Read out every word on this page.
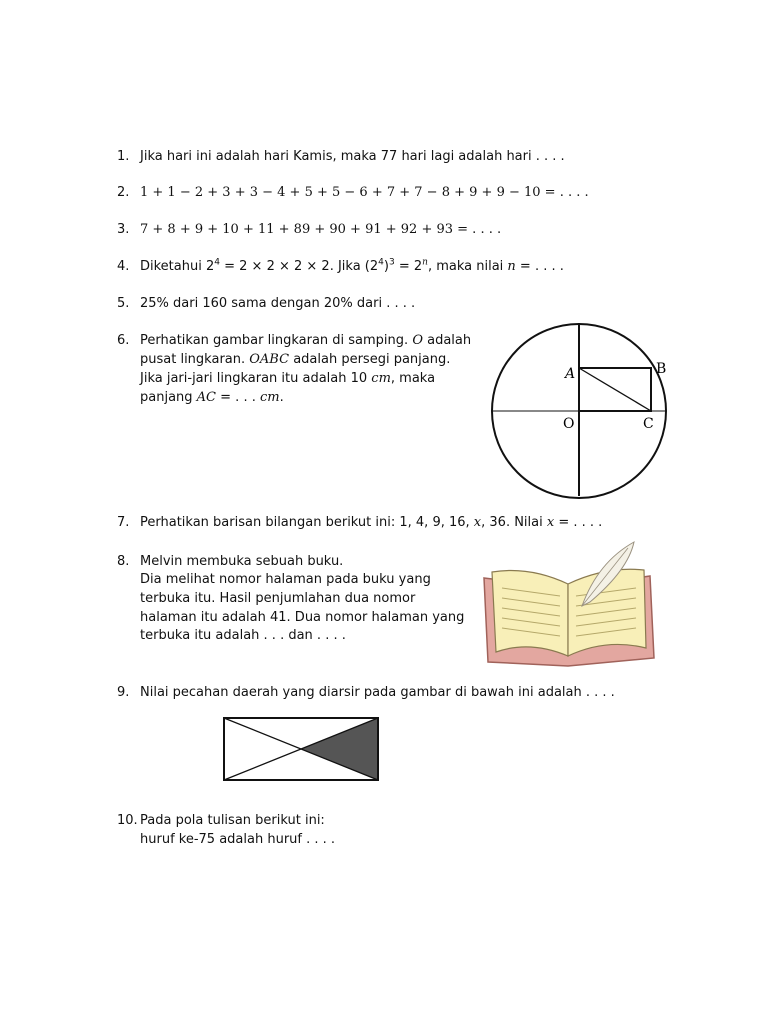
1. Jika hari ini adalah hari Kamis, maka 77 hari lagi adalah hari . . . .
2. 1 + 1 − 2 + 3 + 3 − 4 + 5 + 5 − 6 + 7 + 7 − 8 + 9 + 9 − 10 = . . . .
3. 7 + 8 + 9 + 10 + 11 + 89 + 90 + 91 + 92 + 93 = . . . .
4. Diketahui $2^4 = 2 \times 2 \times 2 \times 2$. Jika $(2^4)^3 = 2^n$, maka nilai n = . . . .
5. 25% dari 160 sama dengan 20% dari . . . .
6. Perhatikan gambar lingkaran di samping. O adalah
pusat lingkaran. OABC adalah persegi panjang.
Jika jari-jari lingkaran itu adalah 10 cm, maka
panjang AC = . . . cm.
A	B
O	C
7. Perhatikan barisan bilangan berikut ini: 1, 4, 9, 16, x, 36. Nilai x = . . . .
8. Melvin membuka sebuah buku.
Dia melihat nomor halaman pada buku yang
terbuka itu. Hasil penjumlahan dua nomor
halaman itu adalah 41. Dua nomor halaman yang
terbuka itu adalah . . . dan . . . .
9. Nilai pecahan daerah yang diarsir pada gambar di bawah ini adalah . . . .
10. Pada pola tulisan berikut ini:
huruf ke-75 adalah huruf . . . .
